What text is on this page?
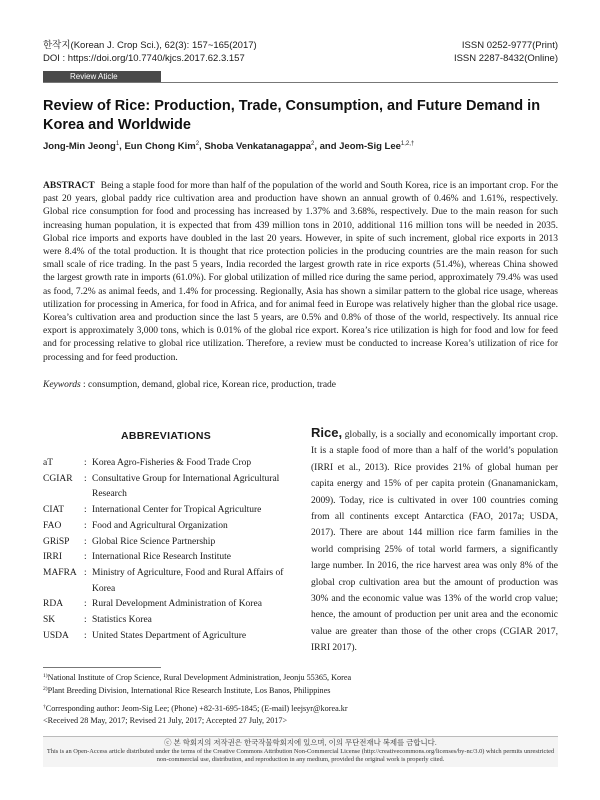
한작지(Korean J. Crop Sci.), 62(3): 157~165(2017)
DOI : https://doi.org/10.7740/kjcs.2017.62.3.157
ISSN 0252-9777(Print)
ISSN 2287-8432(Online)
Review Aticle
Review of Rice: Production, Trade, Consumption, and Future Demand in Korea and Worldwide
Jong-Min Jeong$^1$, Eun Chong Kim$^2$, Shoba Venkatanagappa$^2$, and Jeom-Sig Lee$^{1,2,\dagger}$

ABSTRACT Being a staple food for more than half of the population of the world and South Korea, rice is an important crop. For the past 20 years, global paddy rice cultivation area and production have shown an annual growth of 0.46% and 1.61%, respectively. Global rice consumption for food and processing has increased by 1.37% and 3.68%, respectively. Due to the main reason for such increasing human population, it is expected that from 439 million tons in 2010, additional 116 million tons will be needed in 2035. Global rice imports and exports have doubled in the last 20 years. However, in spite of such increment, global rice exports in 2013 were 8.4% of the total production. It is thought that rice protection policies in the producing countries are the main reason for such small scale of rice trading. In the past 5 years, India recorded the largest growth rate in rice exports (51.4%), whereas China showed the largest growth rate in imports (61.0%). For global utilization of milled rice during the same period, approximately 79.4% was used as food, 7.2% as animal feeds, and 1.4% for processing. Regionally, Asia has shown a similar pattern to the global rice usage, whereas utilization for processing in America, for food in Africa, and for animal feed in Europe was relatively higher than the global rice usage. Korea’s cultivation area and production since the last 5 years, are 0.5% and 0.8% of those of the world, respectively. Its annual rice export is approximately 3,000 tons, which is 0.01% of the global rice export. Korea’s rice utilization is high for food and low for feed and for processing relative to global rice utilization. Therefore, a review must be conducted to increase Korea’s utilization of rice for processing and for feed production.

Keywords : consumption, demand, global rice, Korean rice, production, trade

ABBREVIATIONS
aT	: Korea Agro-Fisheries & Food Trade Crop
CGIAR	: Consultative Group for International Agricultural Research
CIAT	: International Center for Tropical Agriculture
FAO	: Food and Agricultural Organization
GRiSP	: Global Rice Science Partnership
IRRI	: International Rice Research Institute
MAFRA : Ministry of Agriculture, Food and Rural Affairs of Korea
RDA	: Rural Development Administration of Korea
SK	: Statistics Korea
USDA	: United States Department of Agriculture

Rice, globally, is a socially and economically important crop. It is a staple food of more than a half of the world’s population (IRRI et al., 2013). Rice provides 21% of global human per capita energy and 15% of per capita protein (Gnanamanickam, 2009). Today, rice is cultivated in over 100 countries coming from all continents except Antarctica (FAO, 2017a; USDA, 2017). There are about 144 million rice farm families in the world comprising 25% of total world farmers, a significantly large number. In 2016, the rice harvest area was only 8% of the global crop cultivation area but the amount of production was 30% and the economic value was 13% of the world crop value; hence, the amount of production per unit area and the economic value are greater than those of the other crops (CGIAR 2017, IRRI 2017).

$^{1)}$National Institute of Crop Science, Rural Development Administration, Jeonju 55365, Korea
$^{2)}$Plant Breeding Division, International Rice Research Institute, Los Banos, Philippines
†Corresponding author: Jeom-Sig Lee; (Phone) +82-31-695-1845; (E-mail) leejsyr@korea.kr
<Received 28 May, 2017; Revised 21 July, 2017; Accepted 27 July, 2017>
ⓒ 본 학회지의 저작권은 한국작물학회지에 있으며, 이의 무단전재나 복제를 금합니다.
This is an Open-Access article distributed under the terms of the Creative Commons Attribution Non-Commercial License (http://creativecommons.org/licenses/by-nc/3.0) which permits unrestricted non-commercial use, distribution, and reproduction in any medium, provided the original work is properly cited.
